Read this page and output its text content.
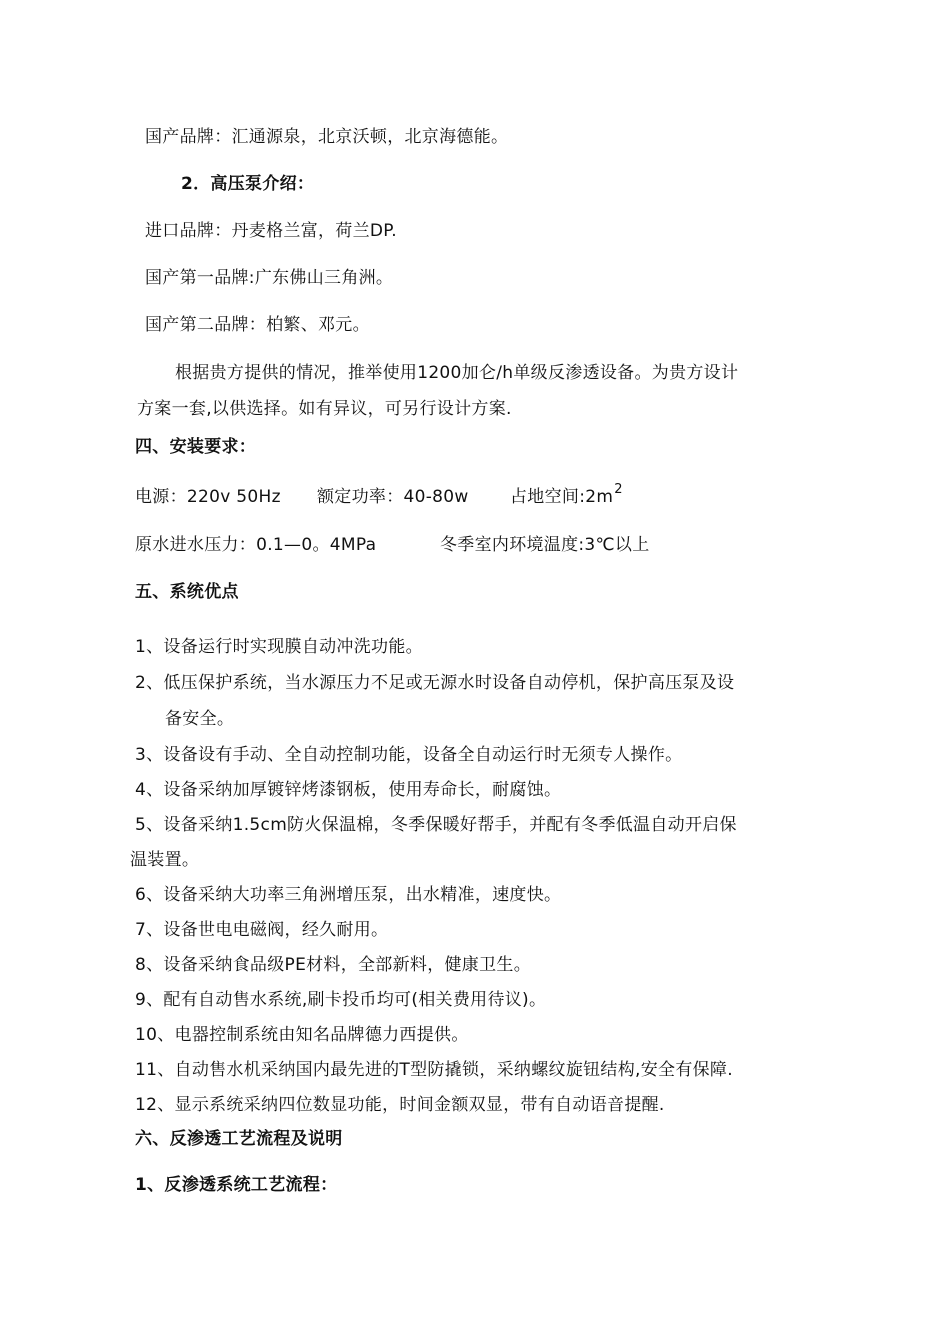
国产品牌：汇通源泉，北京沃顿，北京海德能。
2．高压泵介绍：
进口品牌：丹麦格兰富，荷兰DP.
国产第一品牌:广东佛山三角洲。
国产第二品牌：柏繁、邓元。
根据贵方提供的情况，推举使用1200加仑/h单级反渗透设备。为贵方设计
方案一套,以供选择。如有异议，可另行设计方案.
四、安装要求：
电源：220v 50Hz 额定功率：40-80w 占地空间$:2m^2$
原水进水压力：0.1—0。4MPa	冬季室内环境温度:3℃以上
五、系统优点
1、设备运行时实现膜自动冲洗功能。
2、低压保护系统，当水源压力不足或无源水时设备自动停机，保护高压泵及设
备安全。
3、设备设有手动、全自动控制功能，设备全自动运行时无须专人操作。
4、设备采纳加厚镀锌烤漆钢板，使用寿命长，耐腐蚀。
5、设备采纳1.5cm防火保温棉，冬季保暖好帮手，并配有冬季低温自动开启保
温装置。
6、设备采纳大功率三角洲增压泵，出水精准，速度快。
7、设备世电电磁阀，经久耐用。
8、设备采纳食品级PE材料，全部新料，健康卫生。
9、配有自动售水系统,刷卡投币均可(相关费用待议)。
10、电器控制系统由知名品牌德力西提供。
11、自动售水机采纳国内最先进的T型防撬锁，采纳螺纹旋钮结构,安全有保障.
12、显示系统采纳四位数显功能，时间金额双显，带有自动语音提醒.
六、反渗透工艺流程及说明
1、反渗透系统工艺流程：
